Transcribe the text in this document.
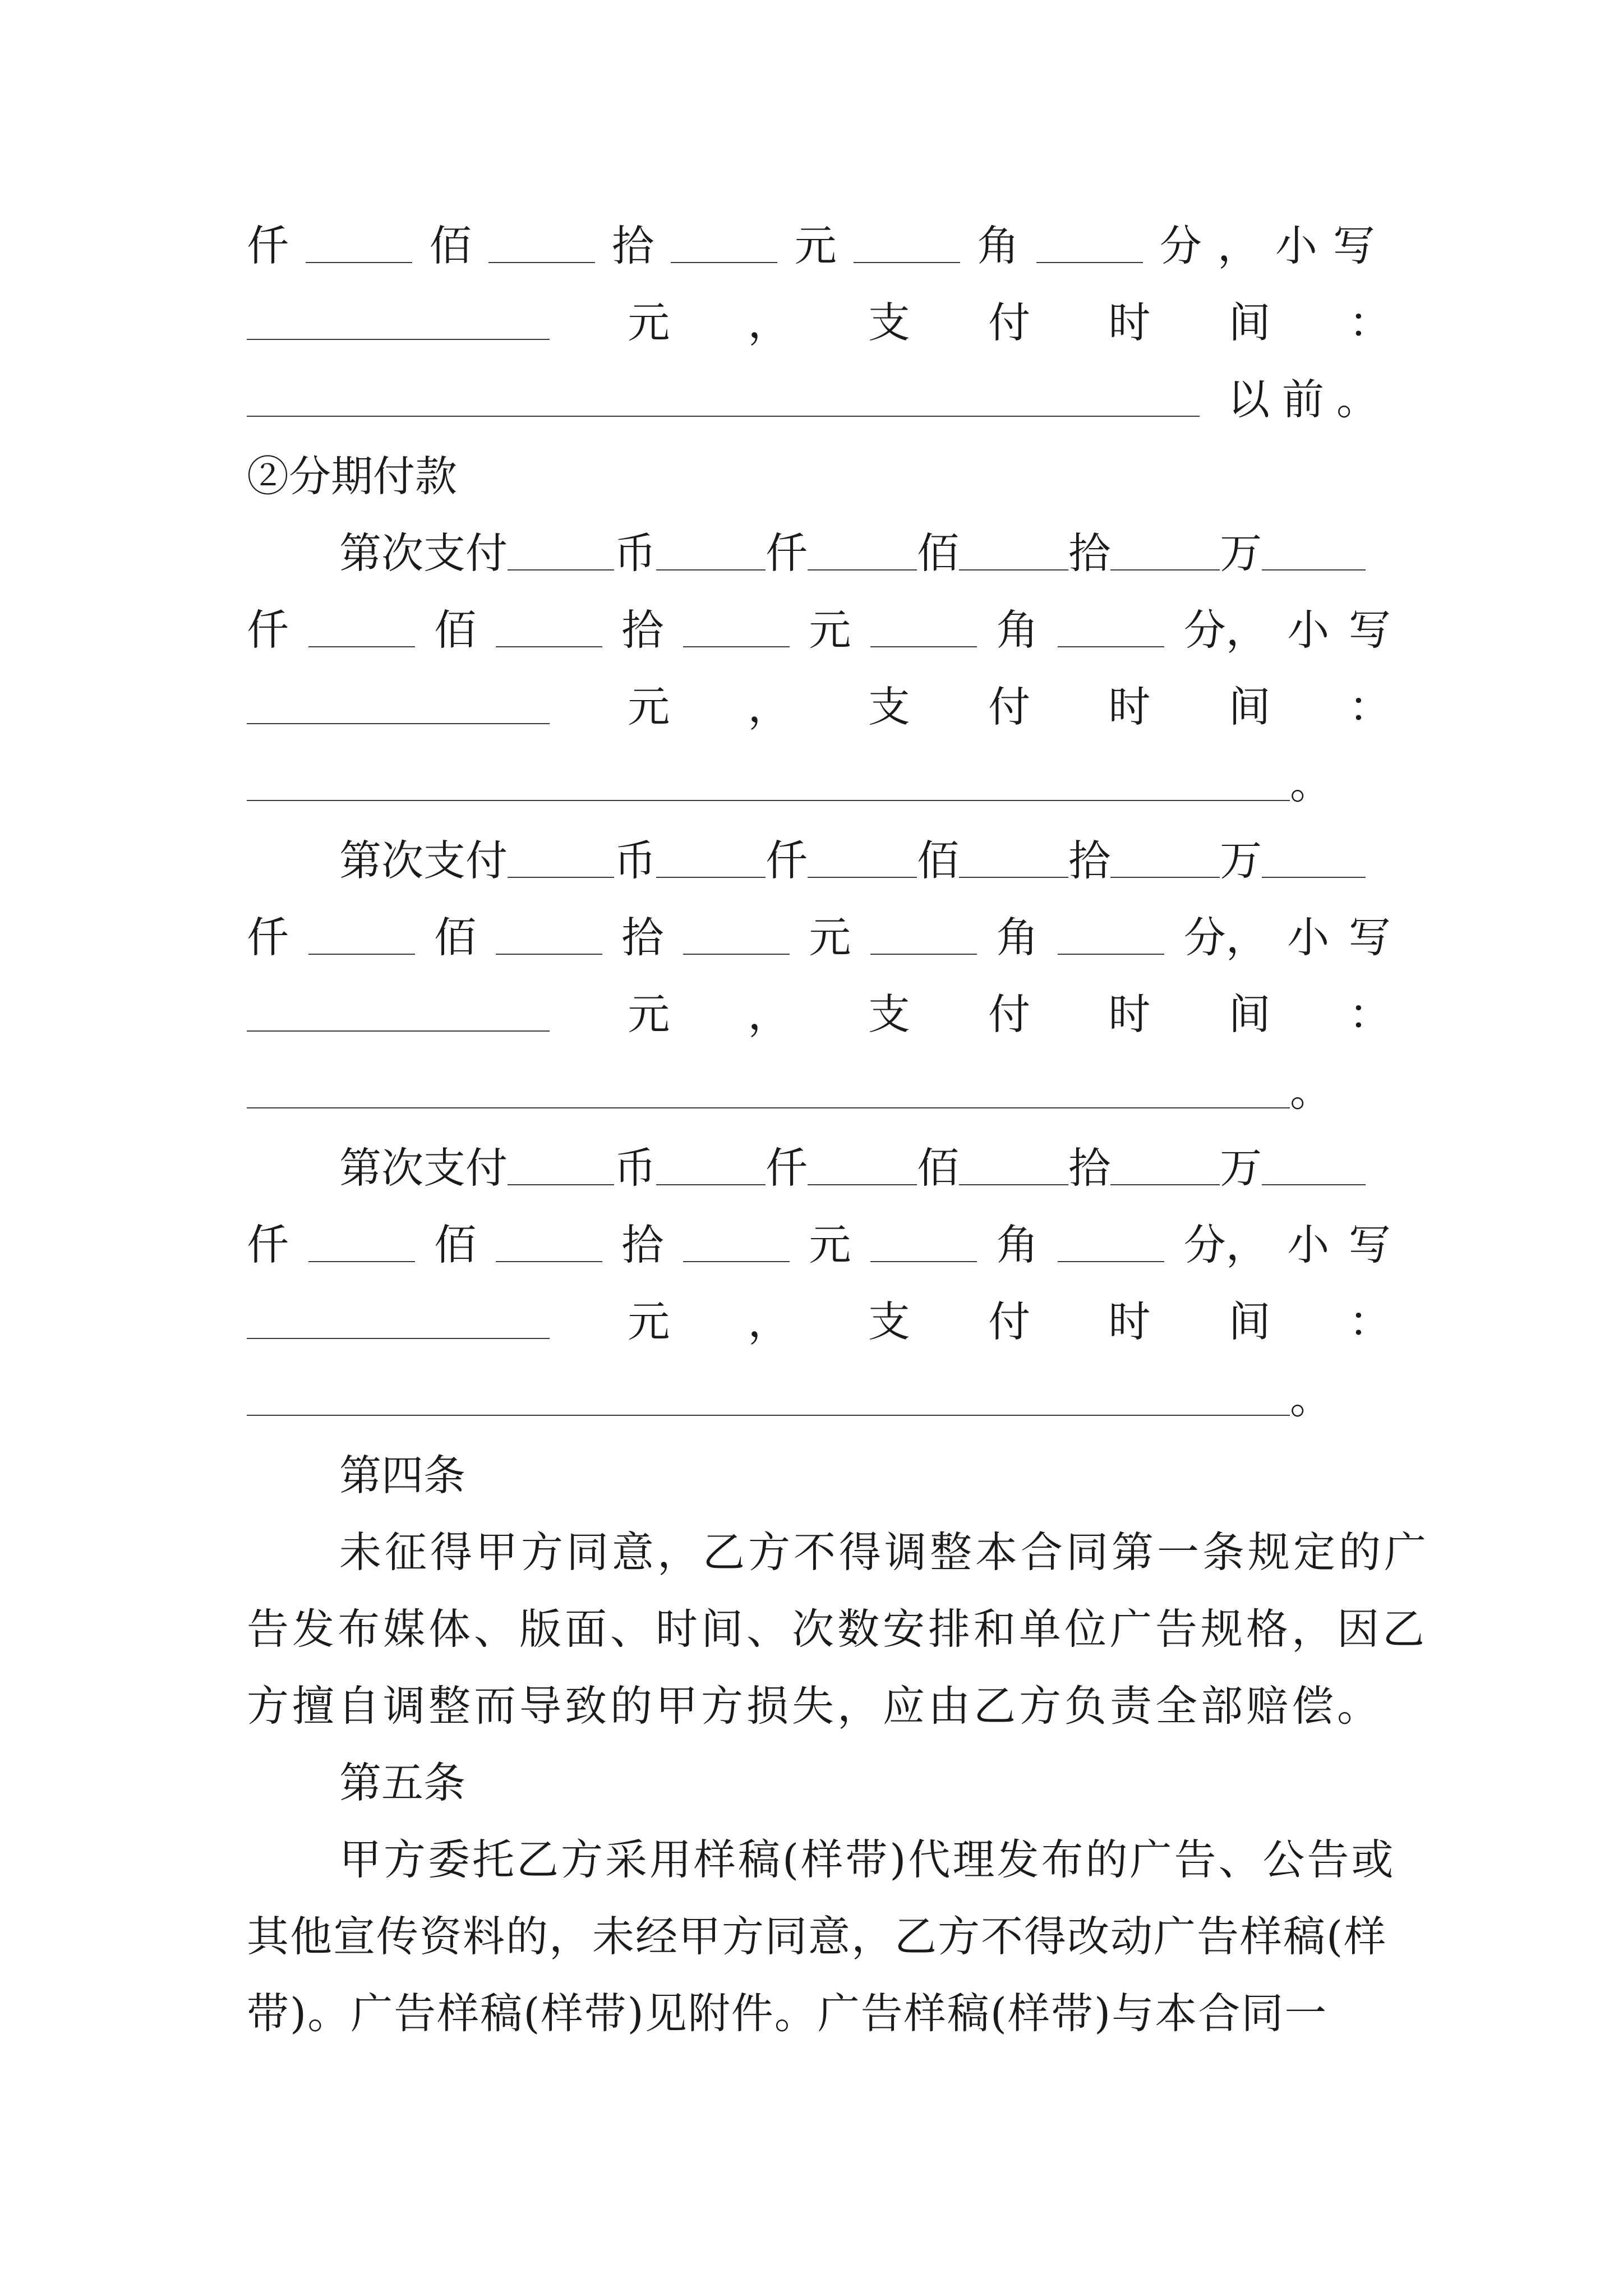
仟	佰	拾	元	角	分，小写
元 ， 支 付 时 间 ：
以前。
②分期付款
第次支付	币	仟	佰	拾	万
仟	佰	拾	元	角	分， 小 写
元 ， 支 付 时 间 ：
。
第次支付	币	仟	佰	拾	万
仟	佰	拾	元	角	分， 小 写
元 ， 支 付 时 间 ：
。
第次支付	币	仟	佰	拾	万
仟	佰	拾	元	角	分， 小 写
元 ， 支 付 时 间 ：
。
第四条
未征得甲方同意，乙方不得调整本合同第一条规定的广
告发布媒体、版面、时间、次数安排和单位广告规格，因乙
方擅自调整而导致的甲方损失，应由乙方负责全部赔偿。
第五条
甲方委托乙方采用样稿(样带)代理发布的广告、公告或
其他宣传资料的，未经甲方同意，乙方不得改动广告样稿(样
带)。广告样稿(样带)见附件。广告样稿(样带)与本合同一
